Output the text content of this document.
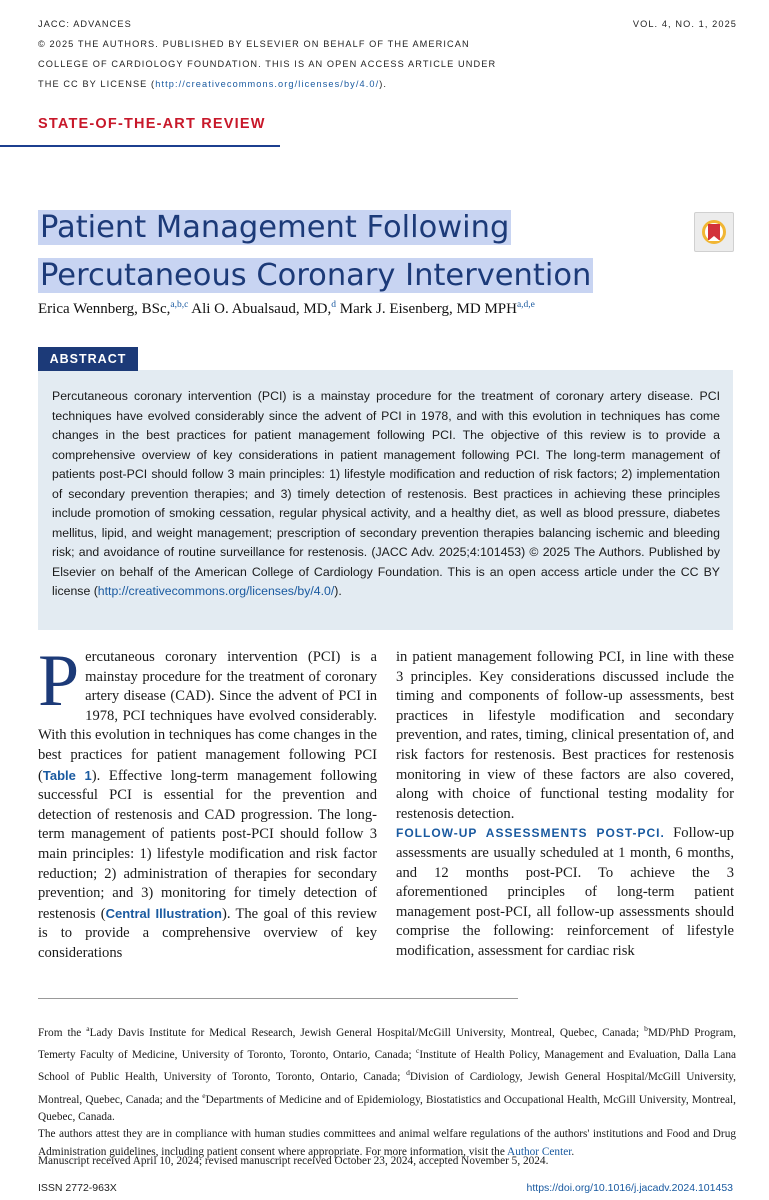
JACC: ADVANCES
© 2025 THE AUTHORS. PUBLISHED BY ELSEVIER ON BEHALF OF THE AMERICAN
COLLEGE OF CARDIOLOGY FOUNDATION. THIS IS AN OPEN ACCESS ARTICLE UNDER
THE CC BY LICENSE (http://creativecommons.org/licenses/by/4.0/).
VOL. 4, NO. 1, 2025
STATE-OF-THE-ART REVIEW
Patient Management Following
Percutaneous Coronary Intervention
Erica Wennberg, BSc,$^{a,b,c}$ Ali O. Abualsaud, MD,$^d$ Mark J. Eisenberg, MD MPH$^{a,d,e}$
ABSTRACT
Percutaneous coronary intervention (PCI) is a mainstay procedure for the treatment of coronary artery disease. PCI techniques have evolved considerably since the advent of PCI in 1978, and with this evolution in techniques has come changes in the best practices for patient management following PCI. The objective of this review is to provide a comprehensive overview of key considerations in patient management following PCI. The long-term management of patients post-PCI should follow 3 main principles: 1) lifestyle modification and reduction of risk factors; 2) implementation of secondary prevention therapies; and 3) timely detection of restenosis. Best practices in achieving these principles include promotion of smoking cessation, regular physical activity, and a healthy diet, as well as blood pressure, diabetes mellitus, lipid, and weight management; prescription of secondary prevention therapies balancing ischemic and bleeding risk; and avoidance of routine surveillance for restenosis. (JACC Adv. 2025;4:101453) © 2025 The Authors. Published by Elsevier on behalf of the American College of Cardiology Foundation. This is an open access article under the CC BY license (http://creativecommons.org/licenses/by/4.0/).
Percutaneous coronary intervention (PCI) is a mainstay procedure for the treatment of coronary artery disease (CAD). Since the advent of PCI in 1978, PCI techniques have evolved considerably. With this evolution in techniques has come changes in the best practices for patient management following PCI (Table 1). Effective long-term management following successful PCI is essential for the prevention and detection of restenosis and CAD progression. The long-term management of patients post-PCI should follow 3 main principles: 1) lifestyle modification and risk factor reduction; 2) administration of therapies for secondary prevention; and 3) monitoring for timely detection of restenosis (Central Illustration). The goal of this review is to provide a comprehensive overview of key considerations
in patient management following PCI, in line with these 3 principles. Key considerations discussed include the timing and components of follow-up assessments, best practices in lifestyle modification and secondary prevention, and rates, timing, clinical presentation of, and risk factors for restenosis. Best practices for restenosis monitoring in view of these factors are also covered, along with choice of functional testing modality for restenosis detection.
FOLLOW-UP ASSESSMENTS POST-PCI. Follow-up assessments are usually scheduled at 1 month, 6 months, and 12 months post-PCI. To achieve the 3 aforementioned principles of long-term patient management post-PCI, all follow-up assessments should comprise the following: reinforcement of lifestyle modification, assessment for cardiac risk
From the $^a$Lady Davis Institute for Medical Research, Jewish General Hospital/McGill University, Montreal, Quebec, Canada; $^b$MD/PhD Program, Temerty Faculty of Medicine, University of Toronto, Toronto, Ontario, Canada; $^c$Institute of Health Policy, Management and Evaluation, Dalla Lana School of Public Health, University of Toronto, Toronto, Ontario, Canada; $^d$Division of Cardiology, Jewish General Hospital/McGill University, Montreal, Quebec, Canada; and the $^e$Departments of Medicine and of Epidemiology, Biostatistics and Occupational Health, McGill University, Montreal, Quebec, Canada.
The authors attest they are in compliance with human studies committees and animal welfare regulations of the authors' institutions and Food and Drug Administration guidelines, including patient consent where appropriate. For more information, visit the Author Center.
Manuscript received April 10, 2024; revised manuscript received October 23, 2024, accepted November 5, 2024.
ISSN 2772-963X	https://doi.org/10.1016/j.jacadv.2024.101453
